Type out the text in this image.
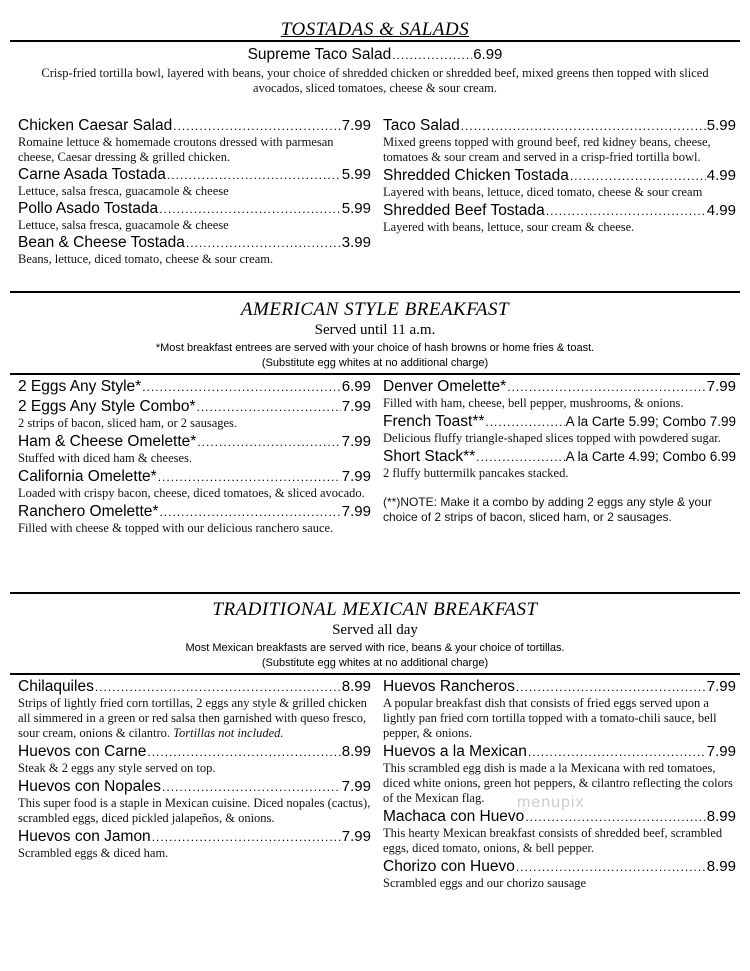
TOSTADAS & SALADS
Supreme Taco Salad .....	6.99
Crisp-fried tortilla bowl, layered with beans, your choice of shredded chicken or shredded beef, mixed greens then topped with sliced avocados, sliced tomatoes, cheese & sour cream.
Chicken Caesar Salad .....	7.99
Romaine lettuce & homemade croutons dressed with parmesan cheese, Caesar dressing & grilled chicken.
Carne Asada Tostada .....	5.99
Lettuce, salsa fresca, guacamole & cheese
Pollo Asado Tostada .....	5.99
Lettuce, salsa fresca, guacamole & cheese
Bean & Cheese Tostada .....	3.99
Beans, lettuce, diced tomato, cheese & sour cream.
Taco Salad .....	5.99
Mixed greens topped with ground beef, red kidney beans, cheese, tomatoes & sour cream and served in a crisp-fried tortilla bowl.
Shredded Chicken Tostada .....	4.99
Layered with beans, lettuce, diced tomato, cheese & sour cream
Shredded Beef Tostada .....	4.99
Layered with beans, lettuce, sour cream & cheese.
AMERICAN STYLE BREAKFAST
Served until 11 a.m.
*Most breakfast entrees are served with your choice of hash browns or home fries & toast.
(Substitute egg whites at no additional charge)
2 Eggs Any Style* .....	6.99
2 Eggs Any Style Combo* .....	7.99
2 strips of bacon, sliced ham, or 2 sausages.
Ham & Cheese Omelette* .....	7.99
Stuffed with diced ham & cheeses.
California Omelette* .....	7.99
Loaded with crispy bacon, cheese, diced tomatoes, & sliced avocado.
Ranchero Omelette* .....	7.99
Filled with cheese & topped with our delicious ranchero sauce.
Denver Omelette* .....	7.99
Filled with ham, cheese, bell pepper, mushrooms, & onions.
French Toast** .....	A la Carte 5.99; Combo 7.99
Delicious fluffy triangle-shaped slices topped with powdered sugar.
Short Stack** .....	A la Carte 4.99; Combo 6.99
2 fluffy buttermilk pancakes stacked.
(**)NOTE: Make it a combo by adding 2 eggs any style & your choice of 2 strips of bacon, sliced ham, or 2 sausages.
TRADITIONAL MEXICAN BREAKFAST
Served all day
Most Mexican breakfasts are served with rice, beans & your choice of tortillas.
(Substitute egg whites at no additional charge)
Chilaquiles .....	8.99
Strips of lightly fried corn tortillas, 2 eggs any style & grilled chicken all simmered in a green or red salsa then garnished with queso fresco, sour cream, onions & cilantro. Tortillas not included.
Huevos con Carne .....	8.99
Steak & 2 eggs any style served on top.
Huevos con Nopales .....	7.99
This super food is a staple in Mexican cuisine. Diced nopales (cactus), scrambled eggs, diced pickled jalapeños, & onions.
Huevos con Jamon .....	7.99
Scrambled eggs & diced ham.
Huevos Rancheros .....	7.99
A popular breakfast dish that consists of fried eggs served upon a lightly pan fried corn tortilla topped with a tomato-chili sauce, bell pepper, & onions.
Huevos a la Mexican .....	7.99
This scrambled egg dish is made a la Mexicana with red tomatoes, diced white onions, green hot peppers, & cilantro reflecting the colors of the Mexican flag.
Machaca con Huevo .....	8.99
This hearty Mexican breakfast consists of shredded beef, scrambled eggs, diced tomato, onions, & bell pepper.
Chorizo con Huevo .....	8.99
Scrambled eggs and our chorizo sausage
menupix
